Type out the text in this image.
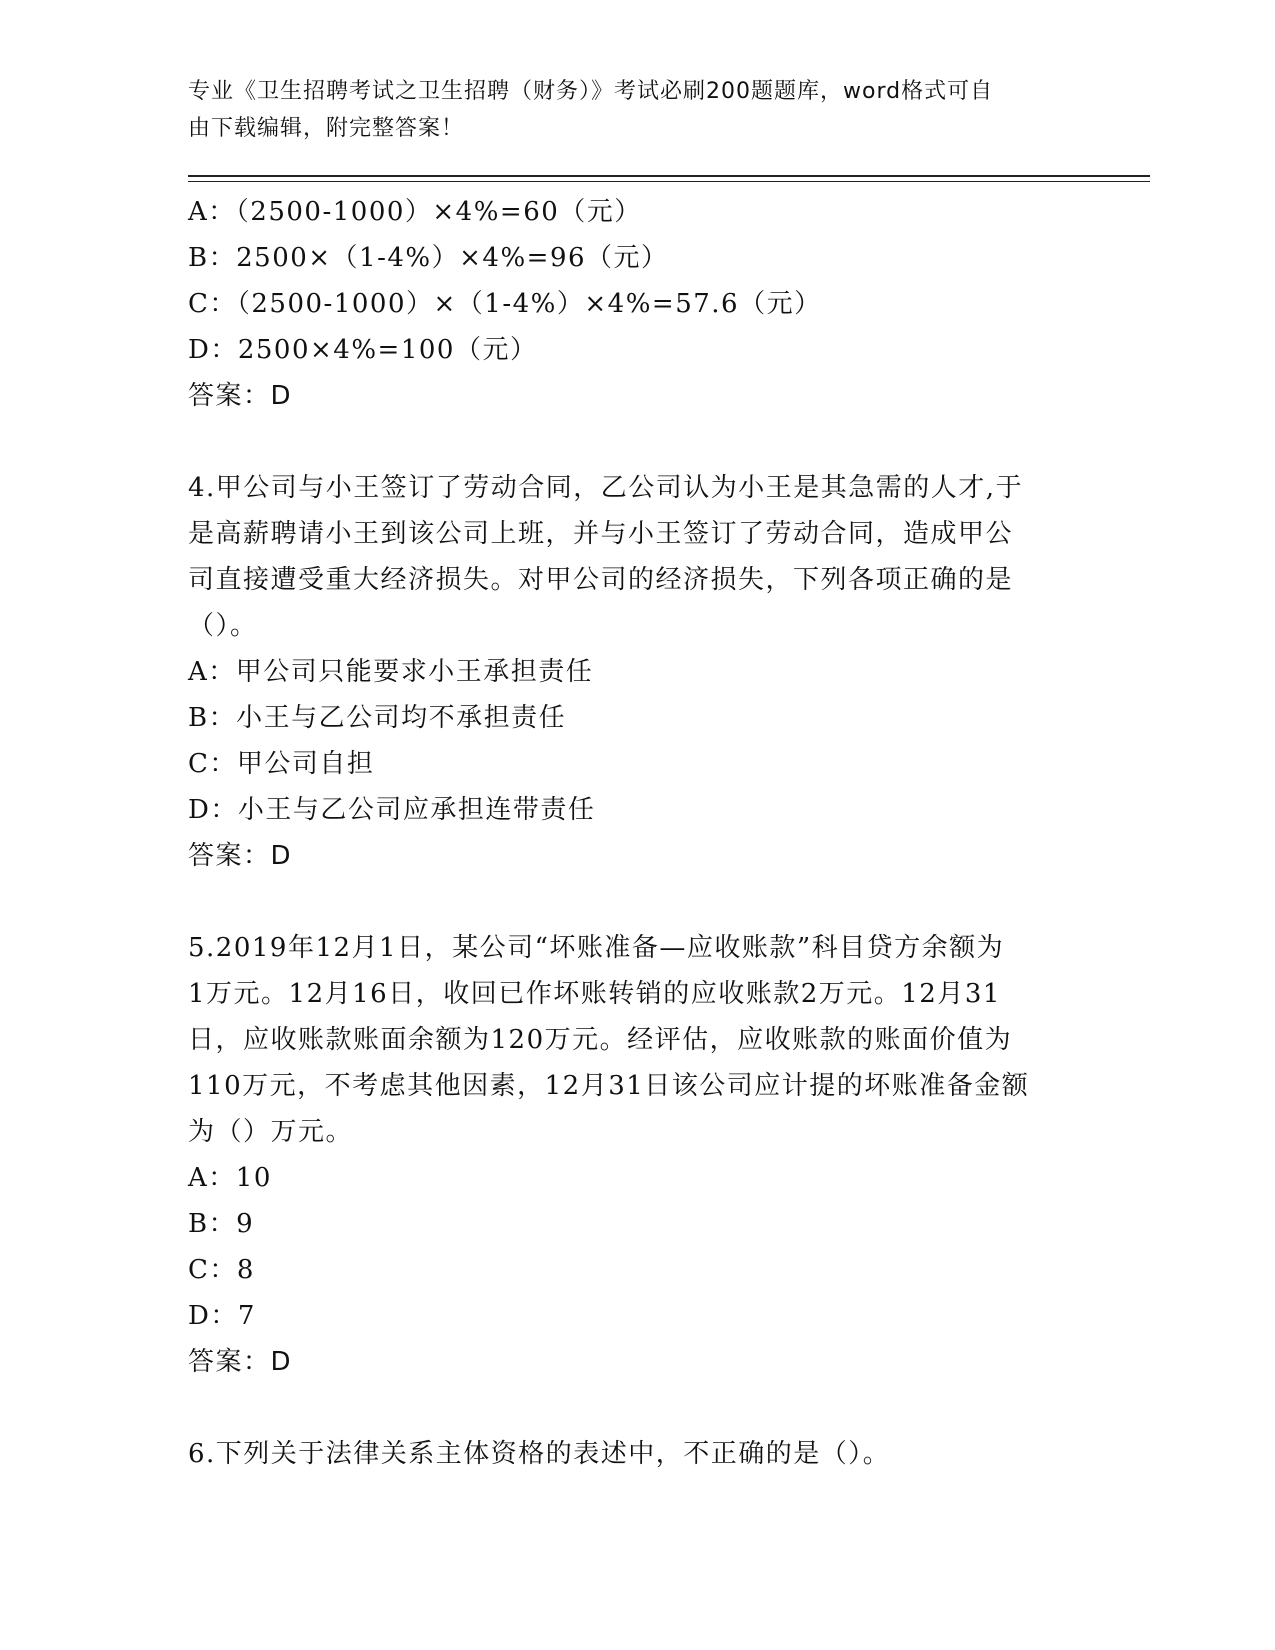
专业《卫生招聘考试之卫生招聘（财务）》考试必刷200题题库，word格式可自
由下载编辑，附完整答案！
A：（2500-1000）×4%=60（元）
B：2500×（1-4%）×4%=96（元）
C：（2500-1000）×（1-4%）×4%=57.6（元）
D：2500×4%=100（元）
答案：D
4.甲公司与小王签订了劳动合同，乙公司认为小王是其急需的人才,于
是高薪聘请小王到该公司上班，并与小王签订了劳动合同，造成甲公
司直接遭受重大经济损失。对甲公司的经济损失，下列各项正确的是
（）。
A：甲公司只能要求小王承担责任
B：小王与乙公司均不承担责任
C：甲公司自担
D：小王与乙公司应承担连带责任
答案：D
5.2019年12月1日，某公司“坏账准备—应收账款”科目贷方余额为
1万元。12月16日，收回已作坏账转销的应收账款2万元。12月31
日，应收账款账面余额为120万元。经评估，应收账款的账面价值为
110万元，不考虑其他因素，12月31日该公司应计提的坏账准备金额
为（）万元。
A：10
B：9
C：8
D：7
答案：D
6.下列关于法律关系主体资格的表述中，不正确的是（）。
